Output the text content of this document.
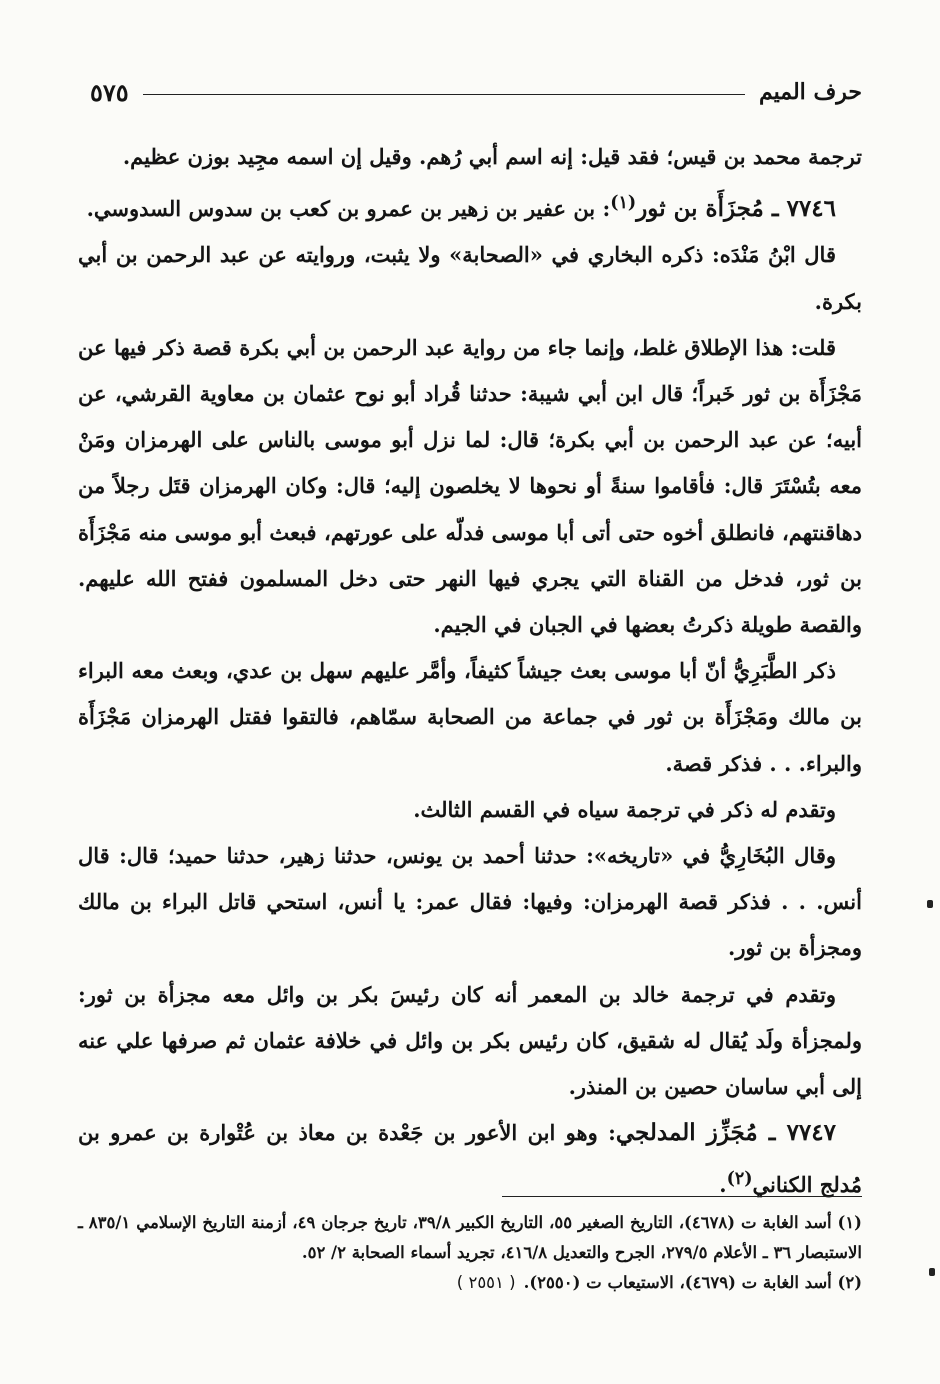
حرف الميم
٥٧٥

ترجمة محمد بن قيس؛ فقد قيل: إنه اسم أبي رُهم. وقيل إن اسمه مجِيد بوزن عظيم.

٧٧٤٦ ـ مُجزَأَة بن ثور$^{(١)}$: بن عفير بن زهير بن عمرو بن كعب بن سدوس السدوسي.

قال ابْنُ مَنْدَه: ذكره البخاري في «الصحابة» ولا يثبت، وروايته عن عبد الرحمن بن أبي بكرة.

قلت: هذا الإطلاق غلط، وإنما جاء من رواية عبد الرحمن بن أبي بكرة قصة ذكر فيها عن مَجْزَأَة بن ثور خَبراً؛ قال ابن أبي شيبة: حدثنا قُراد أبو نوح عثمان بن معاوية القرشي، عن أبيه؛ عن عبد الرحمن بن أبي بكرة؛ قال: لما نزل أبو موسى بالناس على الهرمزان ومَنْ معه بتُسْتَرَ قال: فأقاموا سنةً أو نحوها لا يخلصون إليه؛ قال: وكان الهرمزان قتَل رجلاً من دهاقنتهم، فانطلق أخوه حتى أتى أبا موسى فدلّه على عورتهم، فبعث أبو موسى منه مَجْزَأَة بن ثور، فدخل من القناة التي يجري فيها النهر حتى دخل المسلمون ففتح الله عليهم. والقصة طويلة ذكرتُ بعضها في الجبان في الجيم.

ذكر الطَّبَرِيُّ أنّ أبا موسى بعث جيشاً كثيفاً، وأمَّر عليهم سهل بن عدي، وبعث معه البراء بن مالك ومَجْزَأَة بن ثور في جماعة من الصحابة سمّاهم، فالتقوا فقتل الهرمزان مَجْزَأَة والبراء. . . فذكر قصة.

وتقدم له ذكر في ترجمة سياه في القسم الثالث.

وقال البُخَارِيُّ في «تاريخه»: حدثنا أحمد بن يونس، حدثنا زهير، حدثنا حميد؛ قال: قال أنس. . . فذكر قصة الهرمزان: وفيها: فقال عمر: يا أنس، استحي قاتل البراء بن مالك ومجزأة بن ثور.

وتقدم في ترجمة خالد بن المعمر أنه كان رئيسَ بكر بن وائل معه مجزأة بن ثور: ولمجزأة ولَد يُقال له شقيق، كان رئيس بكر بن وائل في خلافة عثمان ثم صرفها علي عنه إلى أبي ساسان حصين بن المنذر.

٧٧٤٧ ـ مُجَزِّز المدلجي: وهو ابن الأعور بن جَعْدة بن معاذ بن عُتْوارة بن عمرو بن مُدلج الكناني$^{(٢)}$.

(١) أسد الغابة ت (٤٦٧٨)، التاريخ الصغير ٥٥، التاريخ الكبير ٣٩/٨، تاريخ جرجان ٤٩، أزمنة التاريخ الإسلامي ٨٣٥/١ ـ الاستبصار ٣٦ ـ الأعلام ٢٧٩/٥، الجرح والتعديل ٤١٦/٨، تجريد أسماء الصحابة ٢/ ٥٢.

(٢) أسد الغابة ت (٤٦٧٩)، الاستيعاب ت (٢٥٥٠).( ٢٥٥١ )
